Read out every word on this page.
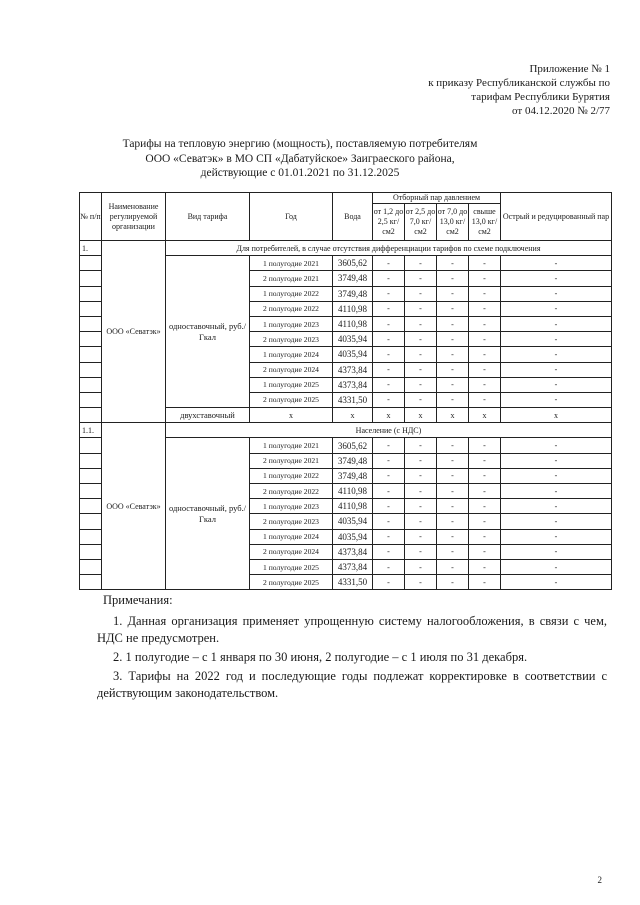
Приложение № 1
к приказу Республиканской службы по
тарифам Республики Бурятия
от 04.12.2020 № 2/77
Тарифы на тепловую энергию (мощность), поставляемую потребителям
ООО «Севатэк» в МО СП «Дабатуйское» Заиграеского района,
действующие с 01.01.2021 по 31.12.2025
№ п/п	Наименование регулируемой организации	Вид тарифа	Год	Вода	Отборный пар давлением				Острый и редуцированный пар
					от 1,2 до 2,5 кг/см2	от 2,5 до 7,0 кг/см2	от 7,0 до 13,0 кг/см2	свыше 13,0 кг/см2	
1.	ООО «Севатэк»	Для потребителей, в случае отсутствия дифференциации тарифов по схеме подключения							
		одноставочный, руб./Гкал	1 полугодие 2021	3605,62	-	-	-	-	-
			2 полугодие 2021	3749,48	-	-	-	-	-
			1 полугодие 2022	3749,48	-	-	-	-	-
			2 полугодие 2022	4110,98	-	-	-	-	-
			1 полугодие 2023	4110,98	-	-	-	-	-
			2 полугодие 2023	4035,94	-	-	-	-	-
			1 полугодие 2024	4035,94	-	-	-	-	-
			2 полугодие 2024	4373,84	-	-	-	-	-
			1 полугодие 2025	4373,84	-	-	-	-	-
			2 полугодие 2025	4331,50	-	-	-	-	-
		двухставочный	х	х	х	х	х	х	х
1.1.	ООО «Севатэк»	Население (с НДС)							
		одноставочный, руб./Гкал	1 полугодие 2021	3605,62	-	-	-	-	-
			2 полугодие 2021	3749,48	-	-	-	-	-
			1 полугодие 2022	3749,48	-	-	-	-	-
			2 полугодие 2022	4110,98	-	-	-	-	-
			1 полугодие 2023	4110,98	-	-	-	-	-
			2 полугодие 2023	4035,94	-	-	-	-	-
			1 полугодие 2024	4035,94	-	-	-	-	-
			2 полугодие 2024	4373,84	-	-	-	-	-
			1 полугодие 2025	4373,84	-	-	-	-	-
			2 полугодие 2025	4331,50	-	-	-	-	-

Примечания:

1. Данная организация применяет упрощенную систему налогообложения, в связи с чем, НДС не предусмотрен.

2. 1 полугодие – с 1 января по 30 июня, 2 полугодие – с 1 июля по 31 декабря.

3. Тарифы на 2022 год и последующие годы подлежат корректировке в соответствии с действующим законодательством.

2
